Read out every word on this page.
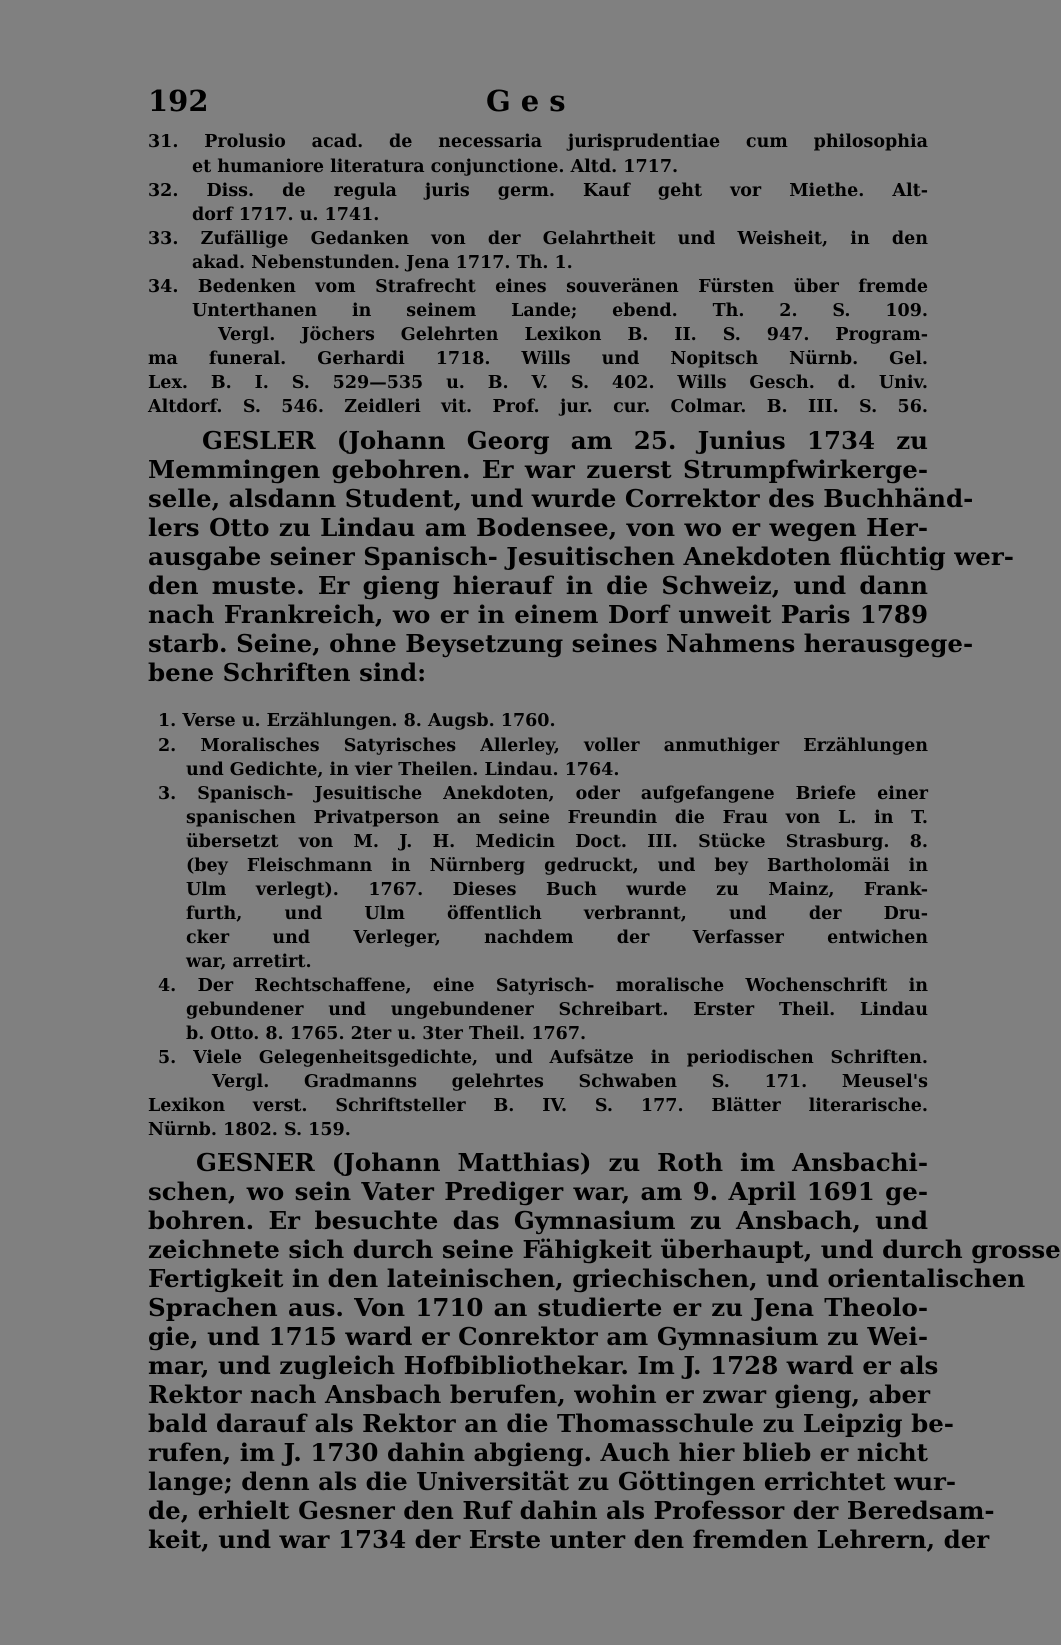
192	Ges
31. Prolusio acad. de necessaria jurisprudentiae cum philosophia
et humaniore literatura conjunctione. Altd. 1717.
32. Diss. de regula juris germ. Kauf geht vor Miethe. Alt-
dorf 1717. u. 1741.
33. Zufällige Gedanken von der Gelahrtheit und Weisheit, in den
akad. Nebenstunden. Jena 1717. Th. 1.
34. Bedenken vom Strafrecht eines souveränen Fürsten über fremde
Unterthanen in seinem Lande; ebend. Th. 2. S. 109.
Vergl. Jöchers Gelehrten Lexikon B. II. S. 947. Program-
ma funeral. Gerhardi 1718. Wills und Nopitsch Nürnb. Gel.
Lex. B. I. S. 529—535 u. B. V. S. 402. Wills Gesch. d. Univ.
Altdorf. S. 546. Zeidleri vit. Prof. jur. cur. Colmar. B. III. S. 56.
GESLER (Johann Georg am 25. Junius 1734 zu
Memmingen gebohren. Er war zuerst Strumpfwirkerge-
selle, alsdann Student, und wurde Correktor des Buchhänd-
lers Otto zu Lindau am Bodensee, von wo er wegen Her-
ausgabe seiner Spanisch- Jesuitischen Anekdoten flüchtig wer-
den muste. Er gieng hierauf in die Schweiz, und dann
nach Frankreich, wo er in einem Dorf unweit Paris 1789
starb. Seine, ohne Beysetzung seines Nahmens herausgege-
bene Schriften sind:
1. Verse u. Erzählungen. 8. Augsb. 1760.
2. Moralisches Satyrisches Allerley, voller anmuthiger Erzählungen
und Gedichte, in vier Theilen. Lindau. 1764.
3. Spanisch- Jesuitische Anekdoten, oder aufgefangene Briefe einer
spanischen Privatperson an seine Freundin die Frau von L. in T.
übersetzt von M. J. H. Medicin Doct. III. Stücke Strasburg. 8.
(bey Fleischmann in Nürnberg gedruckt, und bey Bartholomäi in
Ulm verlegt). 1767. Dieses Buch wurde zu Mainz, Frank-
furth, und Ulm öffentlich verbrannt, und der Dru-
cker und Verleger, nachdem der Verfasser entwichen
war, arretirt.
4. Der Rechtschaffene, eine Satyrisch- moralische Wochenschrift in
gebundener und ungebundener Schreibart. Erster Theil. Lindau
b. Otto. 8. 1765. 2ter u. 3ter Theil. 1767.
5. Viele Gelegenheitsgedichte, und Aufsätze in periodischen Schriften.
Vergl. Gradmanns gelehrtes Schwaben S. 171. Meusel's
Lexikon verst. Schriftsteller B. IV. S. 177. Blätter literarische.
Nürnb. 1802. S. 159.
GESNER (Johann Matthias) zu Roth im Ansbachi-
schen, wo sein Vater Prediger war, am 9. April 1691 ge-
bohren. Er besuchte das Gymnasium zu Ansbach, und
zeichnete sich durch seine Fähigkeit überhaupt, und durch grosse
Fertigkeit in den lateinischen, griechischen, und orientalischen
Sprachen aus. Von 1710 an studierte er zu Jena Theolo-
gie, und 1715 ward er Conrektor am Gymnasium zu Wei-
mar, und zugleich Hofbibliothekar. Im J. 1728 ward er als
Rektor nach Ansbach berufen, wohin er zwar gieng, aber
bald darauf als Rektor an die Thomasschule zu Leipzig be-
rufen, im J. 1730 dahin abgieng. Auch hier blieb er nicht
lange; denn als die Universität zu Göttingen errichtet wur-
de, erhielt Gesner den Ruf dahin als Professor der Beredsam-
keit, und war 1734 der Erste unter den fremden Lehrern, der
